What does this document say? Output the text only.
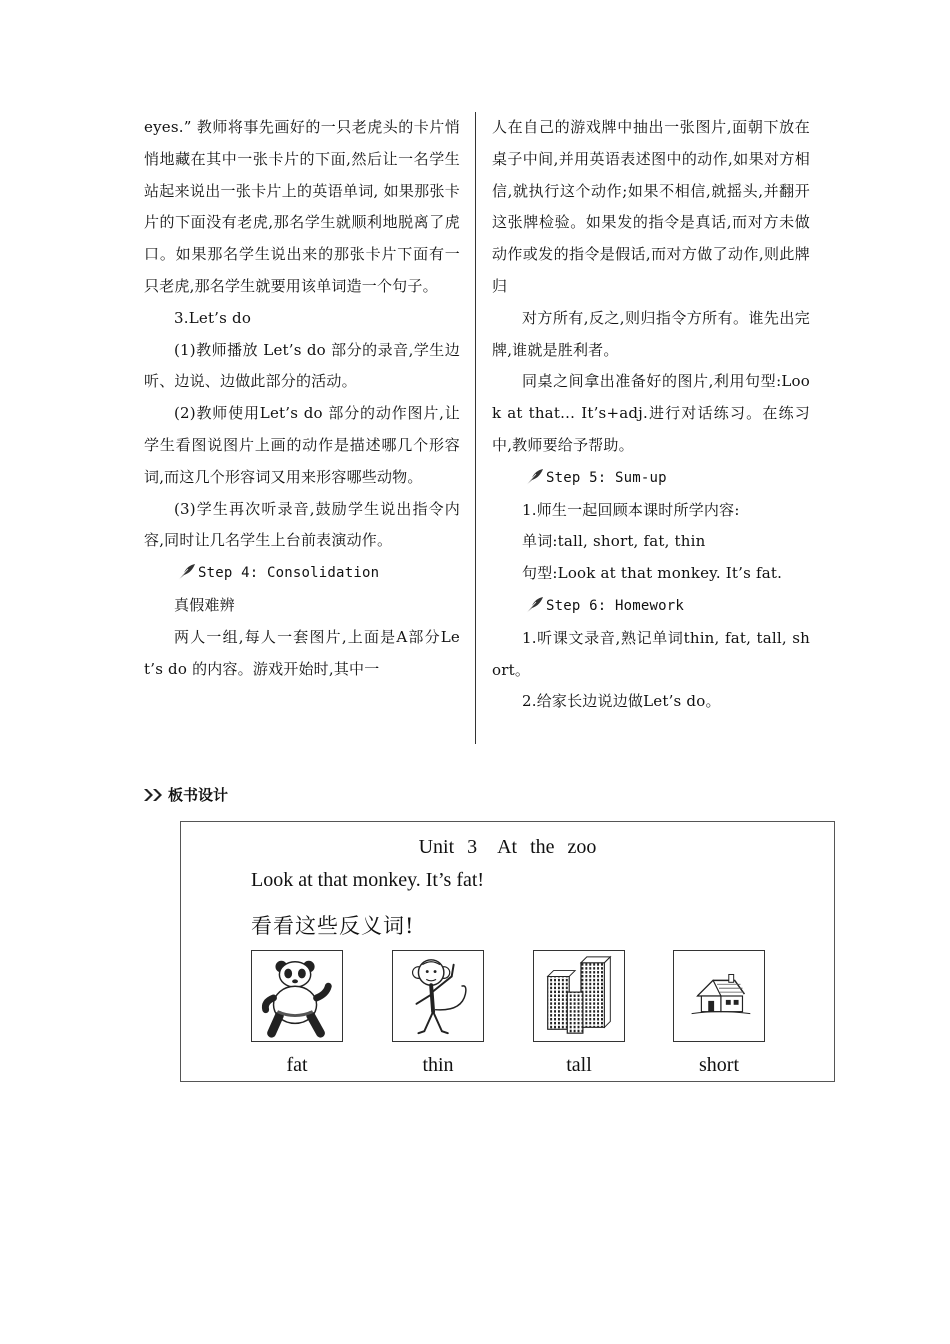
eyes.” 教师将事先画好的一只老虎头的卡片悄悄地藏在其中一张卡片的下面,然后让一名学生站起来说出一张卡片上的英语单词, 如果那张卡片的下面没有老虎,那名学生就顺利地脱离了虎口。如果那名学生说出来的那张卡片下面有一只老虎,那名学生就要用该单词造一个句子。

3.Let’s do

(1)教师播放 Let’s do 部分的录音,学生边听、边说、边做此部分的活动。

(2)教师使用Let’s do 部分的动作图片,让学生看图说图片上画的动作是描述哪几个形容词,而这几个形容词又用来形容哪些动物。

(3)学生再次听录音,鼓励学生说出指令内容,同时让几名学生上台前表演动作。

Step 4: Consolidation

真假难辨

两人一组,每人一套图片,上面是A部分Let’s do 的内容。游戏开始时,其中一

人在自己的游戏牌中抽出一张图片,面朝下放在桌子中间,并用英语表述图中的动作,如果对方相信,就执行这个动作;如果不相信,就摇头,并翻开这张牌检验。如果发的指令是真话,而对方未做动作或发的指令是假话,而对方做了动作,则此牌归

对方所有,反之,则归指令方所有。谁先出完牌,谁就是胜利者。

同桌之间拿出准备好的图片,利用句型:Look at that… It’s+adj.进行对话练习。在练习中,教师要给予帮助。

Step 5: Sum-up

1.师生一起回顾本课时所学内容:

单词:tall, short, fat, thin

句型:Look at that monkey. It’s fat.

Step 6: Homework

1.听课文录音,熟记单词thin, fat, tall, short。

2.给家长边说边做Let’s do。

板书设计
Unit 3　At the zoo
Look at that monkey. It’s fat!
看看这些反义词!
fat	thin	tall	short
